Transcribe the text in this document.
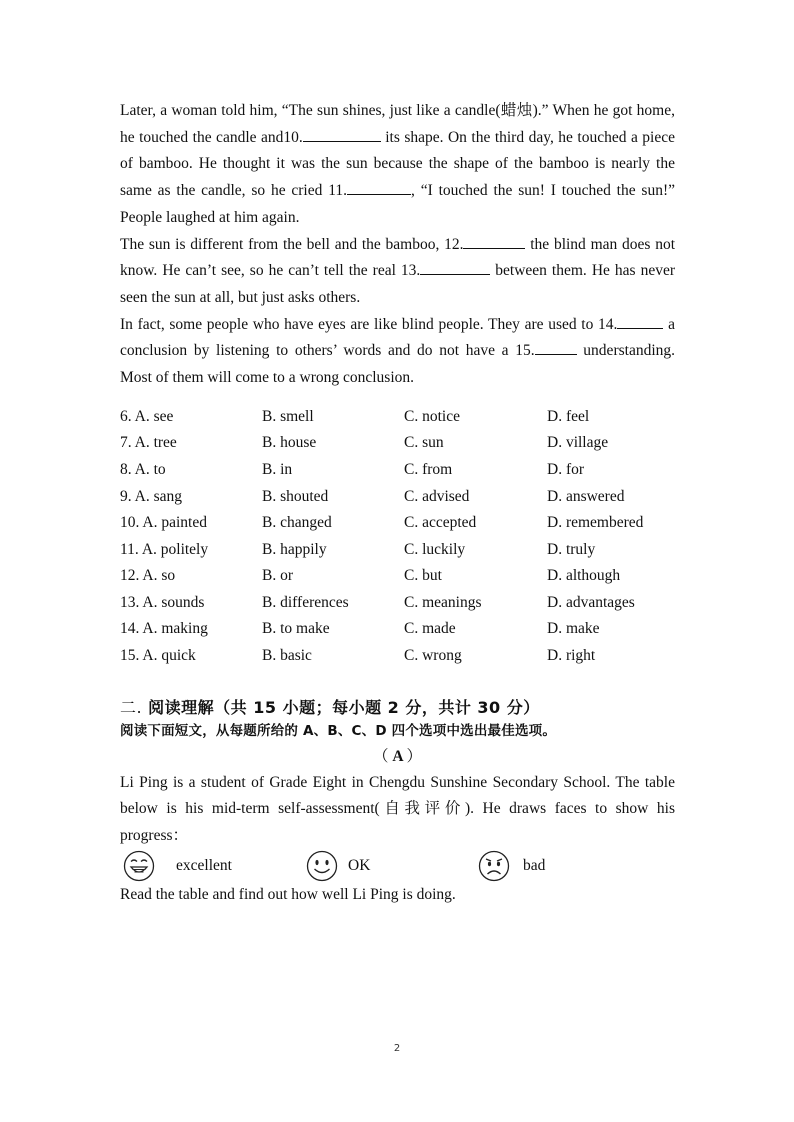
Later, a woman told him, “The sun shines, just like a candle(蜡烛).” When he got home, he touched the candle and10.	its shape. On the third day, he touched a piece of bamboo. He thought it was the sun because the shape of the bamboo is nearly the same as the candle, so he cried 11.	, “I touched the sun! I touched the sun!” People laughed at him again.

The sun is different from the bell and the bamboo, 12.	the blind man does not know. He can’t see, so he can’t tell the real 13.	between them. He has never seen the sun at all, but just asks others.

In fact, some people who have eyes are like blind people. They are used to 14.	a conclusion by listening to others’ words and do not have a 15.	understanding. Most of them will come to a wrong conclusion.

6. A. see	B. smell	C. notice	D. feel
7. A. tree	B. house	C. sun	D. village
8. A. to	B. in	C. from	D. for
9. A. sang	B. shouted	C. advised	D. answered
10. A. painted	B. changed	C. accepted	D. remembered
11. A. politely	B. happily	C. luckily	D. truly
12. A. so	B. or	C. but	D. although
13. A. sounds	B. differences	C. meanings	D. advantages
14. A. making	B. to make	C. made	D. make
15. A. quick	B. basic	C. wrong	D. right
二. 阅读理解（共 15 小题；每小题 2 分，共计 30 分）
阅读下面短文，从每题所给的 A、B、C、D 四个选项中选出最佳选项。
（ A ）

Li Ping is a student of Grade Eight in Chengdu Sunshine Secondary School. The table below is his mid-term self-assessment(自我评价). He draws faces to show his progress：

excellent	OK	bad

Read the table and find out how well Li Ping is doing.

2
